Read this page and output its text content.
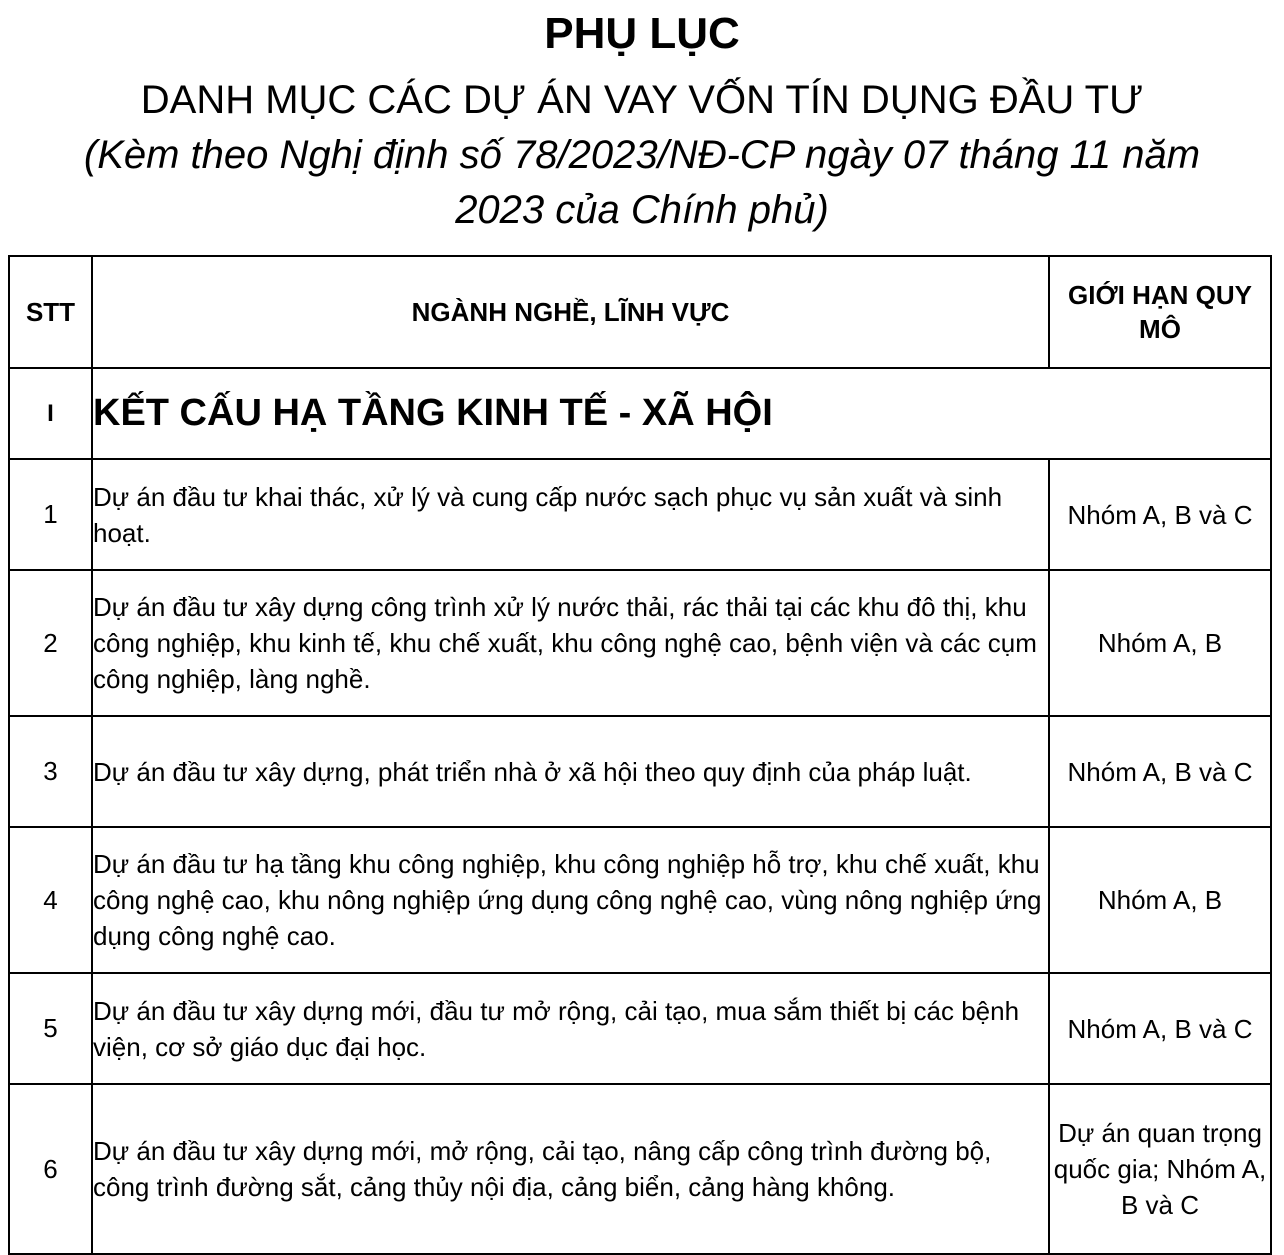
PHỤ LỤC
DANH MỤC CÁC DỰ ÁN VAY VỐN TÍN DỤNG ĐẦU TƯ
(Kèm theo Nghị định số 78/2023/NĐ-CP ngày 07 tháng 11 năm 2023 của Chính phủ)
STT	NGÀNH NGHỀ, LĨNH VỰC	GIỚI HẠN QUY MÔ
I	KẾT CẤU HẠ TẦNG KINH TẾ - XÃ HỘI	
1	Dự án đầu tư khai thác, xử lý và cung cấp nước sạch phục vụ sản xuất và sinh hoạt.	Nhóm A, B và C
2	Dự án đầu tư xây dựng công trình xử lý nước thải, rác thải tại các khu đô thị, khu công nghiệp, khu kinh tế, khu chế xuất, khu công nghệ cao, bệnh viện và các cụm công nghiệp, làng nghề.	Nhóm A, B
3	Dự án đầu tư xây dựng, phát triển nhà ở xã hội theo quy định của pháp luật.	Nhóm A, B và C
4	Dự án đầu tư hạ tầng khu công nghiệp, khu công nghiệp hỗ trợ, khu chế xuất, khu công nghệ cao, khu nông nghiệp ứng dụng công nghệ cao, vùng nông nghiệp ứng dụng công nghệ cao.	Nhóm A, B
5	Dự án đầu tư xây dựng mới, đầu tư mở rộng, cải tạo, mua sắm thiết bị các bệnh viện, cơ sở giáo dục đại học.	Nhóm A, B và C
6	Dự án đầu tư xây dựng mới, mở rộng, cải tạo, nâng cấp công trình đường bộ, công trình đường sắt, cảng thủy nội địa, cảng biển, cảng hàng không.	Dự án quan trọng quốc gia; Nhóm A, B và C
